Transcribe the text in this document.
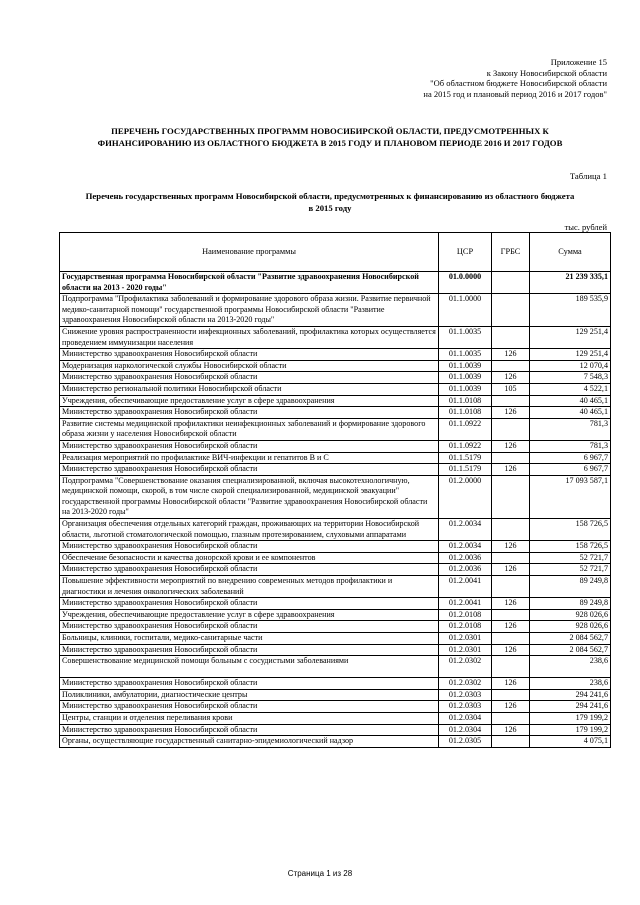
Приложение 15
к Закону Новосибирской области
"Об областном бюджете Новосибирской области
на 2015 год и плановый период 2016 и 2017 годов"
ПЕРЕЧЕНЬ ГОСУДАРСТВЕННЫХ ПРОГРАММ НОВОСИБИРСКОЙ ОБЛАСТИ, ПРЕДУСМОТРЕННЫХ К
ФИНАНСИРОВАНИЮ ИЗ ОБЛАСТНОГО БЮДЖЕТА В 2015 ГОДУ И ПЛАНОВОМ ПЕРИОДЕ 2016 И 2017 ГОДОВ
Таблица 1
Перечень государственных программ Новосибирской области, предусмотренных к финансированию из областного бюджета
в 2015 году
тыс. рублей
Наименование программы	ЦСР	ГРБС	Сумма
Государственная программа Новосибирской области "Развитие здравоохранения Новосибирской области на 2013 - 2020 годы"	01.0.0000		21 239 335,1
Подпрограмма "Профилактика заболеваний и формирование здорового образа жизни. Развитие первичной медико-санитарной помощи" государственной программы Новосибирской области "Развитие здравоохранения Новосибирской области на 2013-2020 годы"	01.1.0000		189 535,9
Снижение уровня распространенности инфекционных заболеваний, профилактика которых осуществляется проведением иммунизации населения	01.1.0035		129 251,4
Министерство здравоохранения Новосибирской области	01.1.0035	126	129 251,4
Модернизация наркологической службы Новосибирской области	01.1.0039		12 070,4
Министерство здравоохранения Новосибирской области	01.1.0039	126	7 548,3
Министерство региональной политики Новосибирской области	01.1.0039	105	4 522,1
Учреждения, обеспечивающие предоставление услуг в сфере здравоохранения	01.1.0108		40 465,1
Министерство здравоохранения Новосибирской области	01.1.0108	126	40 465,1
Развитие системы медицинской профилактики неинфекционных заболеваний и формирование здорового образа жизни у населения Новосибирской области	01.1.0922		781,3
Министерство здравоохранения Новосибирской области	01.1.0922	126	781,3
Реализация мероприятий по профилактике ВИЧ-инфекции и гепатитов B и C	01.1.5179		6 967,7
Министерство здравоохранения Новосибирской области	01.1.5179	126	6 967,7
Подпрограмма "Совершенствование оказания специализированной, включая высокотехнологичную, медицинской помощи, скорой, в том числе скорой специализированной, медицинской эвакуации" государственной программы Новосибирской области "Развитие здравоохранения Новосибирской области на 2013-2020 годы"	01.2.0000		17 093 587,1
Организация обеспечения отдельных категорий граждан, проживающих на территории Новосибирской области, льготной стоматологической помощью, глазным протезированием, слуховыми аппаратами	01.2.0034		158 726,5
Министерство здравоохранения Новосибирской области	01.2.0034	126	158 726,5
Обеспечение безопасности и качества донорской крови и ее компонентов	01.2.0036		52 721,7
Министерство здравоохранения Новосибирской области	01.2.0036	126	52 721,7
Повышение эффективности мероприятий по внедрению современных методов профилактики и диагностики и лечения онкологических заболеваний	01.2.0041		89 249,8
Министерство здравоохранения Новосибирской области	01.2.0041	126	89 249,8
Учреждения, обеспечивающие предоставление услуг в сфере здравоохранения	01.2.0108		928 026,6
Министерство здравоохранения Новосибирской области	01.2.0108	126	928 026,6
Больницы, клиники, госпитали, медико-санитарные части	01.2.0301		2 084 562,7
Министерство здравоохранения Новосибирской области	01.2.0301	126	2 084 562,7
Совершенствование медицинской помощи больным с сосудистыми заболеваниями	01.2.0302		238,6
Министерство здравоохранения Новосибирской области	01.2.0302	126	238,6
Поликлиники, амбулатории, диагностические центры	01.2.0303		294 241,6
Министерство здравоохранения Новосибирской области	01.2.0303	126	294 241,6
Центры, станции и отделения переливания крови	01.2.0304		179 199,2
Министерство здравоохранения Новосибирской области	01.2.0304	126	179 199,2
Органы, осуществляющие государственный санитарно-эпидемиологический надзор	01.2.0305		4 075,1
Страница 1 из 28
